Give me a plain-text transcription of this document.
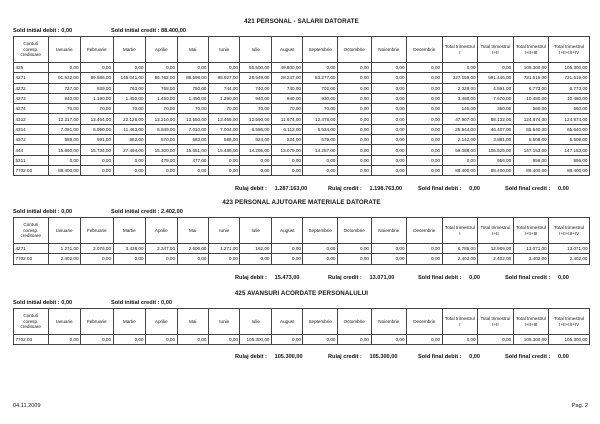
421 PERSONAL - SALARII DATORATE
Sold initial debit : 0,00	Sold initial credit : 88.400,00
Conturi coresp. creditoare	Ianuarie	Februarie	Martie	Aprilie	Mai	Iunie	Iulie	August	Septembrie	Octombrie	Noiembrie	Decembrie	Total trimestrul I	Total trimestrul I+II	Total trimestrul I+II+III	Total trimestrul I+II+III+IV
425	0,00	0,00	0,00	0,00	0,00	0,00	55.500,00	49.800,00	0,00	0,00	0,00	0,00	0,00	0,00	105.300,00	105.300,00
4271	91.532,00	89.586,00	146.041,00	86.762,00	88.598,00	88.927,00	28.549,00	28.247,00	83.277,00	0,00	0,00	0,00	327.159,00	591.446,00	731.519,00	731.519,00
4272	727,00	839,00	763,00	768,00	750,00	744,00	740,00	740,00	702,00	0,00	0,00	0,00	2.329,00	4.591,00	6.773,00	6.773,00
4273	840,00	1.190,00	1.450,00	1.450,00	1.450,00	1.290,00	940,00	940,00	930,00	0,00	0,00	0,00	3.480,00	7.670,00	10.480,00	10.480,00
4274	70,00	70,00	70,00	70,00	70,00	70,00	70,00	70,00	70,00	0,00	0,00	0,00	140,00	350,00	560,00	560,00
4312	12.317,00	13.464,00	22.126,00	13.210,00	13.550,00	13.465,00	12.590,00	11.674,00	12.478,00	0,00	0,00	0,00	47.907,00	88.132,00	124.874,00	124.874,00
4314	7.091,00	6.990,00	11.463,00	6.849,00	7.010,00	7.004,00	6.586,00	6.113,00	6.534,00	0,00	0,00	0,00	25.544,00	46.407,00	65.640,00	65.640,00
4372	589,00	591,00	962,00	570,00	583,00	586,00	524,00	524,00	579,00	0,00	0,00	0,00	2.142,00	3.881,00	5.508,00	5.508,00
444	15.660,00	15.734,00	27.494,00	15.300,00	15.651,00	15.486,00	14.295,00	13.079,00	14.257,00	0,00	0,00	0,00	59.088,00	105.525,00	147.153,00	147.153,00
5311	0,00	0,00	0,00	479,00	477,00	0,00	0,00	0,00	0,00	0,00	0,00	0,00	0,00	956,00	956,00	956,00
7702.03	88.400,00	0,00	0,00	0,00	0,00	0,00	0,00	0,00	0,00	0,00	0,00	0,00	88.400,00	88.400,00	88.400,00	88.400,00
Rulaj debit : 1.287.163,00	Rulaj credit : 1.198.763,00	Sold final debit : 0,00	Sold final credit : 0,00
423 PERSONAL AJUTOARE MATERIALE DATORATE
Sold initial debit : 0,00	Sold initial credit : 2.402,00
Conturi coresp. creditoare	Ianuarie	Februarie	Martie	Aprilie	Mai	Iunie	Iulie	August	Septembrie	Octombrie	Noiembrie	Decembrie	Total trimestrul I	Total trimestrul I+II	Total trimestrul I+II+III	Total trimestrul I+II+III+IV
4271	1.271,00	2.076,00	3.438,00	2.347,00	2.606,00	1.271,00	162,00	0,00	0,00	0,00	0,00	0,00	6.785,00	12.909,00	13.071,00	13.071,00
7702.03	2.402,00	0,00	0,00	0,00	0,00	0,00	0,00	0,00	0,00	0,00	0,00	0,00	2.402,00	2.402,00	2.402,00	2.402,00
Rulaj debit : 15.473,00	Rulaj credit : 13.071,00	Sold final debit : 0,00	Sold final credit : 0,00
425 AVANSURI ACORDATE PERSONALULUI
Sold initial debit : 0,00	Sold initial credit : 0,00
Conturi coresp. creditoare	Ianuarie	Februarie	Martie	Aprilie	Mai	Iunie	Iulie	August	Septembrie	Octombrie	Noiembrie	Decembrie	Total trimestrul I	Total trimestrul I+II	Total trimestrul I+II+III	Total trimestrul I+II+III+IV
7702.03	0,00	0,00	0,00	0,00	0,00	0,00	105.300,00	0,00	0,00	0,00	0,00	0,00	0,00	0,00	105.300,00	105.300,00
Rulaj debit : 105.300,00	Rulaj credit : 105.300,00	Sold final debit : 0,00	Sold final credit : 0,00
04.11.2009	Pag. 2
